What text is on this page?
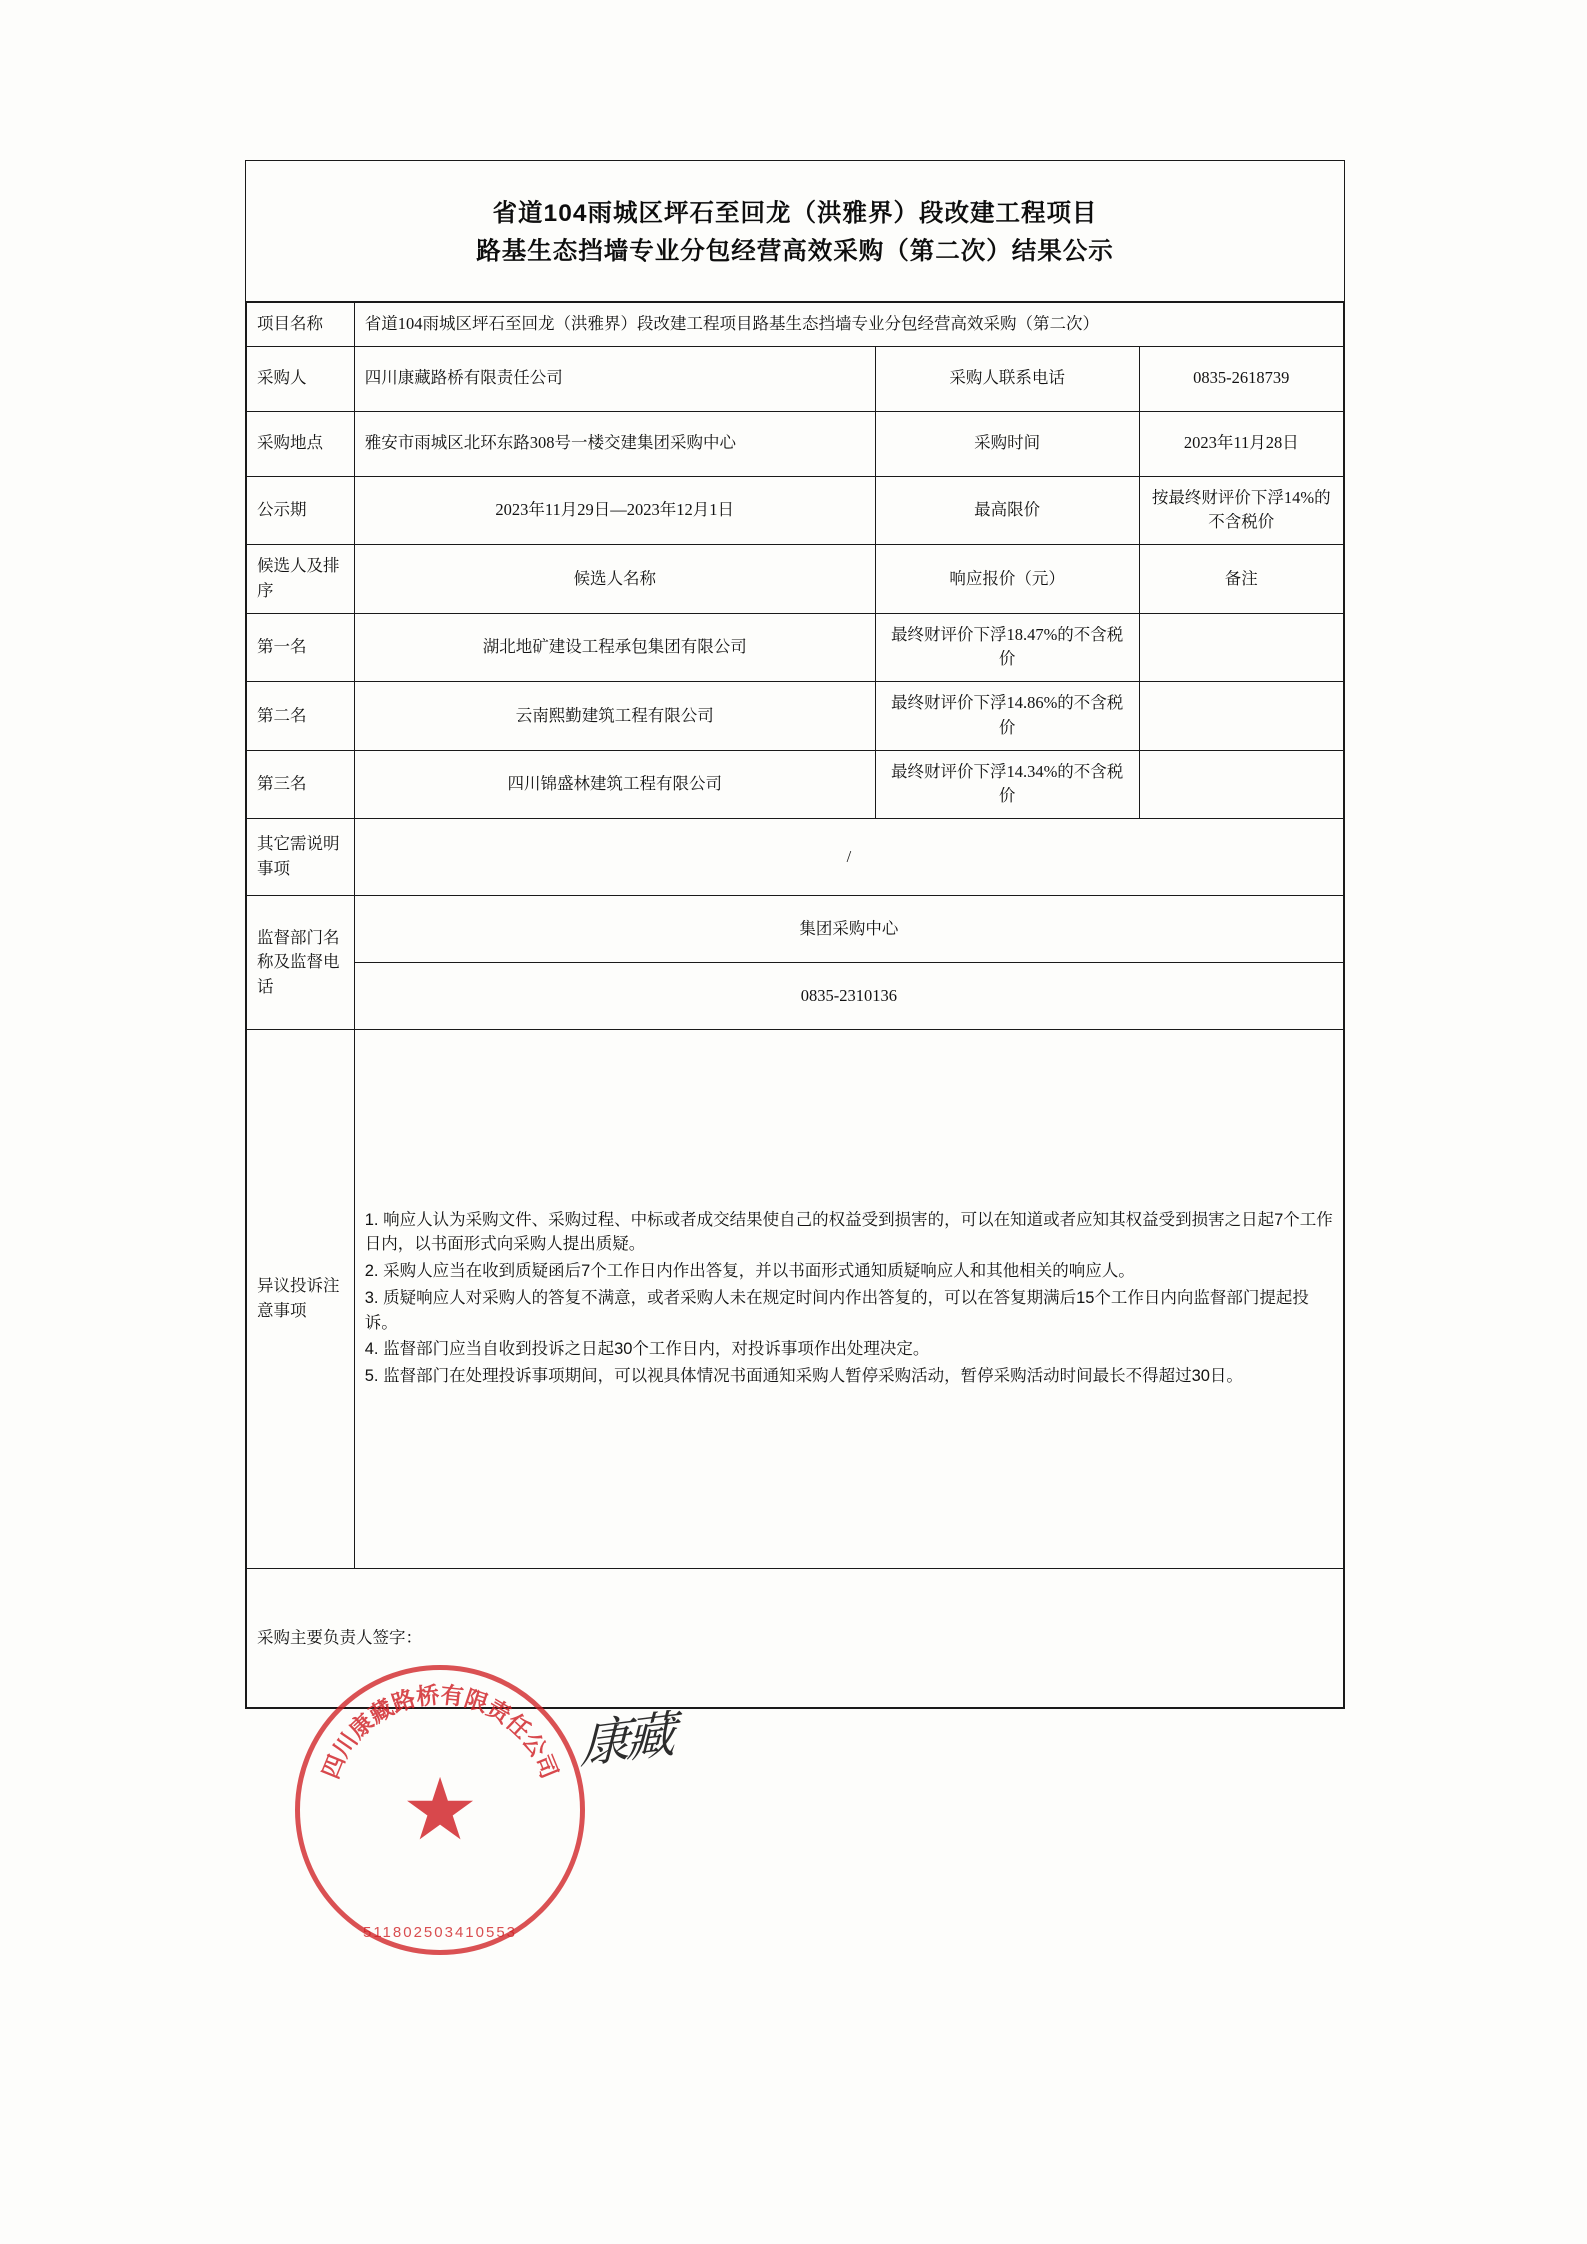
省道104雨城区坪石至回龙（洪雅界）段改建工程项目
路基生态挡墙专业分包经营高效采购（第二次）结果公示
项目名称	省道104雨城区坪石至回龙（洪雅界）段改建工程项目路基生态挡墙专业分包经营高效采购（第二次）		
采购人	四川康藏路桥有限责任公司	采购人联系电话	0835-2618739
采购地点	雅安市雨城区北环东路308号一楼交建集团采购中心	采购时间	2023年11月28日
公示期	2023年11月29日—2023年12月1日	最高限价	按最终财评价下浮14%的不含税价
候选人及排序	候选人名称	响应报价（元）	备注
第一名	湖北地矿建设工程承包集团有限公司	最终财评价下浮18.47%的不含税价	
第二名	云南熙勤建筑工程有限公司	最终财评价下浮14.86%的不含税价	
第三名	四川锦盛林建筑工程有限公司	最终财评价下浮14.34%的不含税价	
其它需说明事项	/		
监督部门名称及监督电话	集团采购中心		
	0835-2310136		
异议投诉注意事项	1. 响应人认为采购文件、采购过程、中标或者成交结果使自己的权益受到损害的，可以在知道或者应知其权益受到损害之日起7个工作日内，以书面形式向采购人提出质疑。

2. 采购人应当在收到质疑函后7个工作日内作出答复，并以书面形式通知质疑响应人和其他相关的响应人。

3. 质疑响应人对采购人的答复不满意，或者采购人未在规定时间内作出答复的，可以在答复期满后15个工作日内向监督部门提起投诉。

4. 监督部门应当自收到投诉之日起30个工作日内，对投诉事项作出处理决定。

5. 监督部门在处理投诉事项期间，可以视具体情况书面通知采购人暂停采购活动，暂停采购活动时间最长不得超过30日。		

采购主要负责人签字：			
四川康藏路桥有限责任公司
★
511802503410553
康藏
